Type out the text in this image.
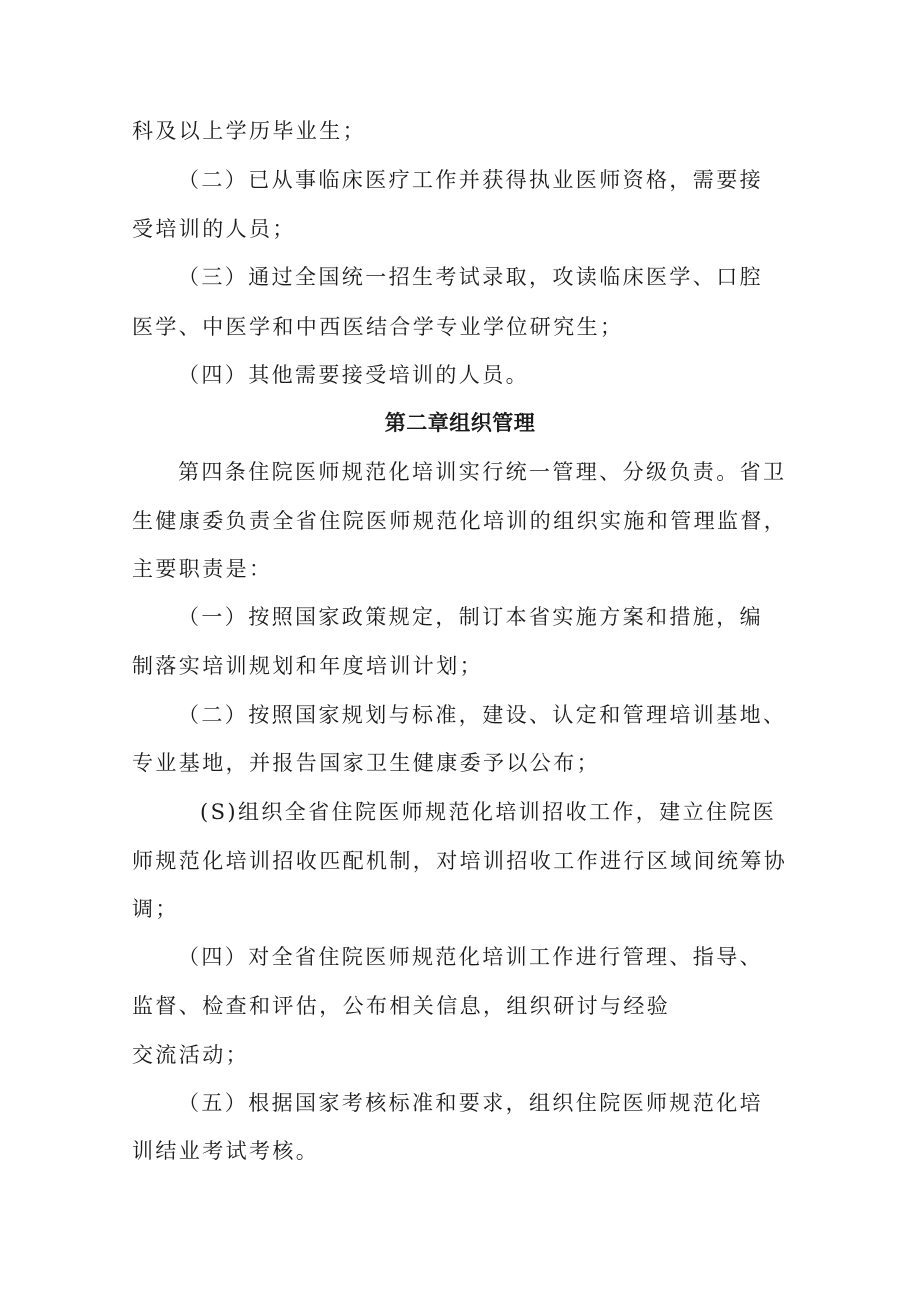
科及以上学历毕业生；
（二）已从事临床医疗工作并获得执业医师资格，需要接
受培训的人员；
（三）通过全国统一招生考试录取，攻读临床医学、口腔
医学、中医学和中西医结合学专业学位研究生；
（四）其他需要接受培训的人员。
第二章组织管理
第四条住院医师规范化培训实行统一管理、分级负责。省卫
生健康委负责全省住院医师规范化培训的组织实施和管理监督，
主要职责是：
（一）按照国家政策规定，制订本省实施方案和措施，编
制落实培训规划和年度培训计划；
（二）按照国家规划与标准，建设、认定和管理培训基地、
专业基地，并报告国家卫生健康委予以公布；
(S)组织全省住院医师规范化培训招收工作，建立住院医
师规范化培训招收匹配机制，对培训招收工作进行区域间统筹协
调；
（四）对全省住院医师规范化培训工作进行管理、指导、
监督、检查和评估，公布相关信息，组织研讨与经验
交流活动；
（五）根据国家考核标准和要求，组织住院医师规范化培
训结业考试考核。
